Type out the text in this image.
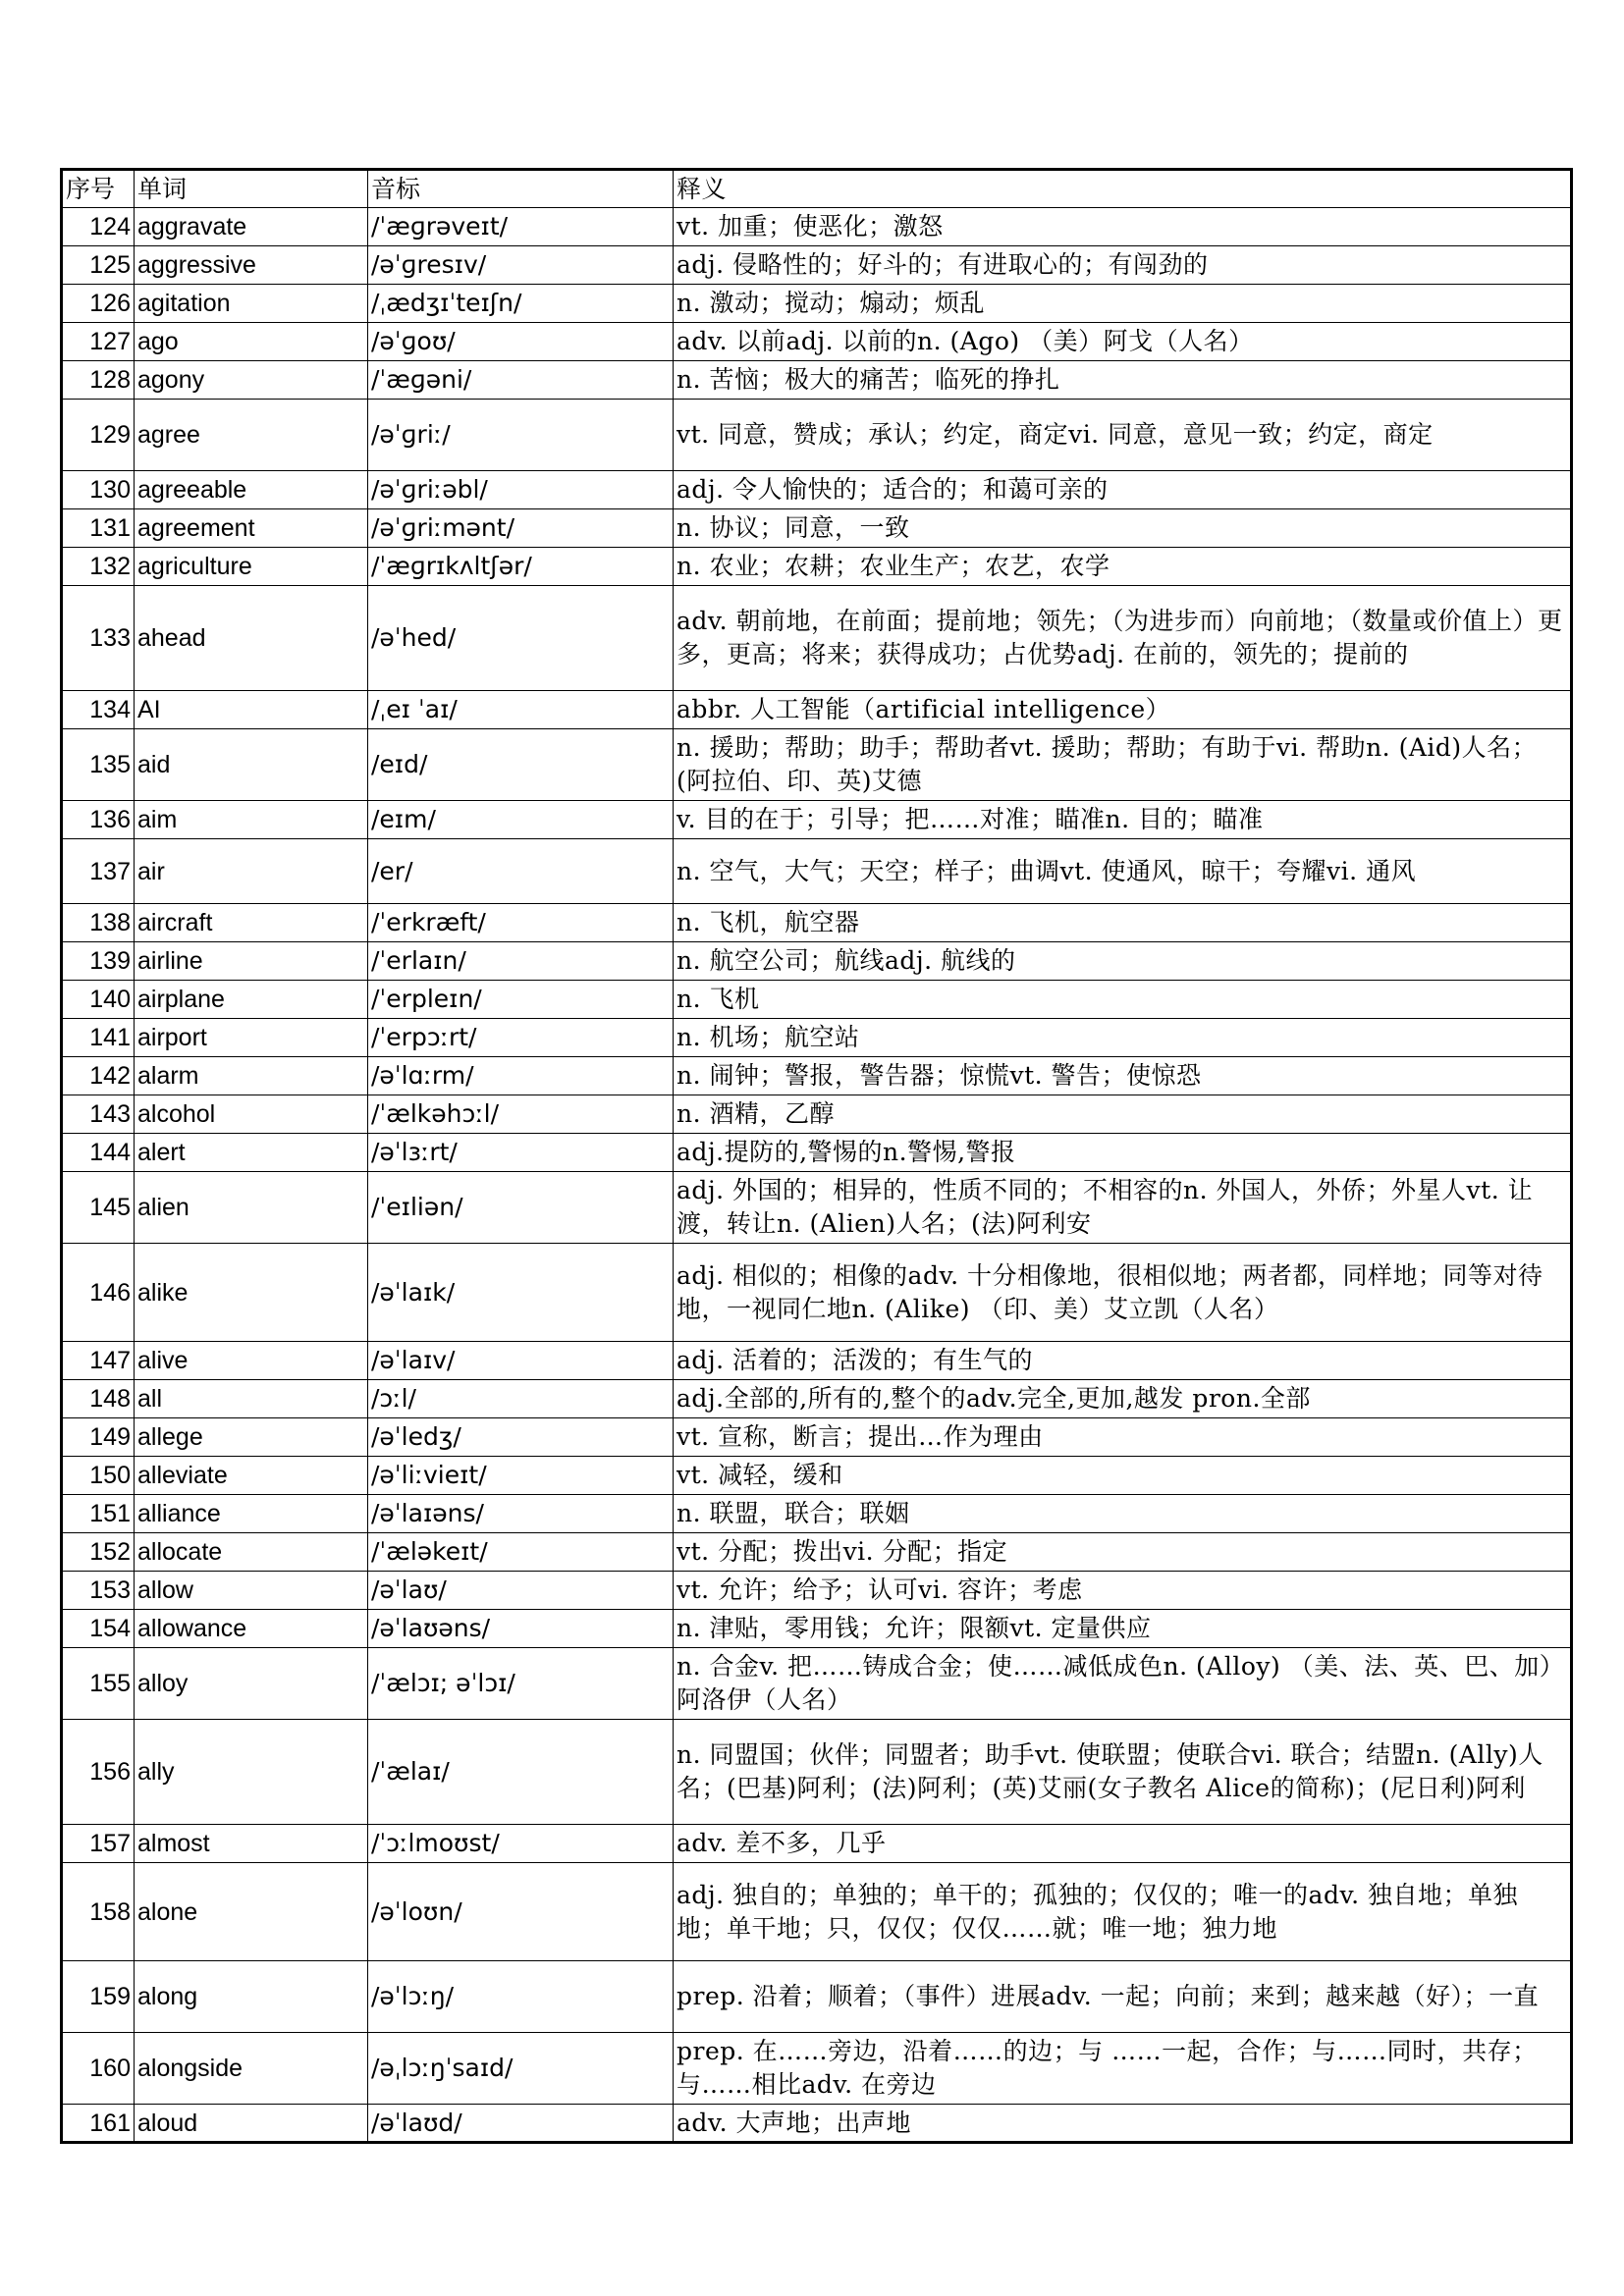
序号	单词	音标	释义
124	aggravate	/ˈæɡrəveɪt/	vt. 加重；使恶化；激怒
125	aggressive	/əˈɡresɪv/	adj. 侵略性的；好斗的；有进取心的；有闯劲的
126	agitation	/ˌædʒɪˈteɪʃn/	n. 激动；搅动；煽动；烦乱
127	ago	/əˈɡoʊ/	adv. 以前adj. 以前的n. (Ago) （美）阿戈（人名）
128	agony	/ˈæɡəni/	n. 苦恼；极大的痛苦；临死的挣扎
129	agree	/əˈɡriː/	vt. 同意，赞成；承认；约定，商定vi. 同意，意见一致；约定，商定
130	agreeable	/əˈɡriːəbl/	adj. 令人愉快的；适合的；和蔼可亲的
131	agreement	/əˈɡriːmənt/	n. 协议；同意，一致
132	agriculture	/ˈæɡrɪkʌltʃər/	n. 农业；农耕；农业生产；农艺，农学
133	ahead	/əˈhed/	adv. 朝前地，在前面；提前地；领先；（为进步而）向前地；（数量或价值上）更多，更高；将来；获得成功；占优势adj. 在前的，领先的；提前的
134	AI	/ˌeɪ ˈaɪ/	abbr. 人工智能（artificial intelligence）
135	aid	/eɪd/	n. 援助；帮助；助手；帮助者vt. 援助；帮助；有助于vi. 帮助n. (Aid)人名；(阿拉伯、印、英)艾德
136	aim	/eɪm/	v. 目的在于；引导；把……对准；瞄准n. 目的；瞄准
137	air	/er/	n. 空气，大气；天空；样子；曲调vt. 使通风，晾干；夸耀vi. 通风
138	aircraft	/ˈerkræft/	n. 飞机，航空器
139	airline	/ˈerlaɪn/	n. 航空公司；航线adj. 航线的
140	airplane	/ˈerpleɪn/	n. 飞机
141	airport	/ˈerpɔːrt/	n. 机场；航空站
142	alarm	/əˈlɑːrm/	n. 闹钟；警报，警告器；惊慌vt. 警告；使惊恐
143	alcohol	/ˈælkəhɔːl/	n. 酒精，乙醇
144	alert	/əˈlɜːrt/	adj.提防的,警惕的n.警惕,警报
145	alien	/ˈeɪliən/	adj. 外国的；相异的，性质不同的；不相容的n. 外国人，外侨；外星人vt. 让渡，转让n. (Alien)人名；(法)阿利安
146	alike	/əˈlaɪk/	adj. 相似的；相像的adv. 十分相像地，很相似地；两者都，同样地；同等对待地，一视同仁地n. (Alike) （印、美）艾立凯（人名）
147	alive	/əˈlaɪv/	adj. 活着的；活泼的；有生气的
148	all	/ɔːl/	adj.全部的,所有的,整个的adv.完全,更加,越发 pron.全部
149	allege	/əˈledʒ/	vt. 宣称，断言；提出…作为理由
150	alleviate	/əˈliːvieɪt/	vt. 减轻，缓和
151	alliance	/əˈlaɪəns/	n. 联盟，联合；联姻
152	allocate	/ˈæləkeɪt/	vt. 分配；拨出vi. 分配；指定
153	allow	/əˈlaʊ/	vt. 允许；给予；认可vi. 容许；考虑
154	allowance	/əˈlaʊəns/	n. 津贴，零用钱；允许；限额vt. 定量供应
155	alloy	/ˈælɔɪ; əˈlɔɪ/	n. 合金v. 把……铸成合金；使……减低成色n. (Alloy) （美、法、英、巴、加）阿洛伊（人名）
156	ally	/ˈælaɪ/	n. 同盟国；伙伴；同盟者；助手vt. 使联盟；使联合vi. 联合；结盟n. (Ally)人名；(巴基)阿利；(法)阿利；(英)艾丽(女子教名 Alice的简称)；(尼日利)阿利
157	almost	/ˈɔːlmoʊst/	adv. 差不多，几乎
158	alone	/əˈloʊn/	adj. 独自的；单独的；单干的；孤独的；仅仅的；唯一的adv. 独自地；单独地；单干地；只，仅仅；仅仅……就；唯一地；独力地
159	along	/əˈlɔːŋ/	prep. 沿着；顺着；（事件）进展adv. 一起；向前；来到；越来越（好）；一直
160	alongside	/əˌlɔːŋˈsaɪd/	prep. 在……旁边，沿着……的边；与 ……一起，合作；与……同时，共存；与……相比adv. 在旁边
161	aloud	/əˈlaʊd/	adv. 大声地；出声地
